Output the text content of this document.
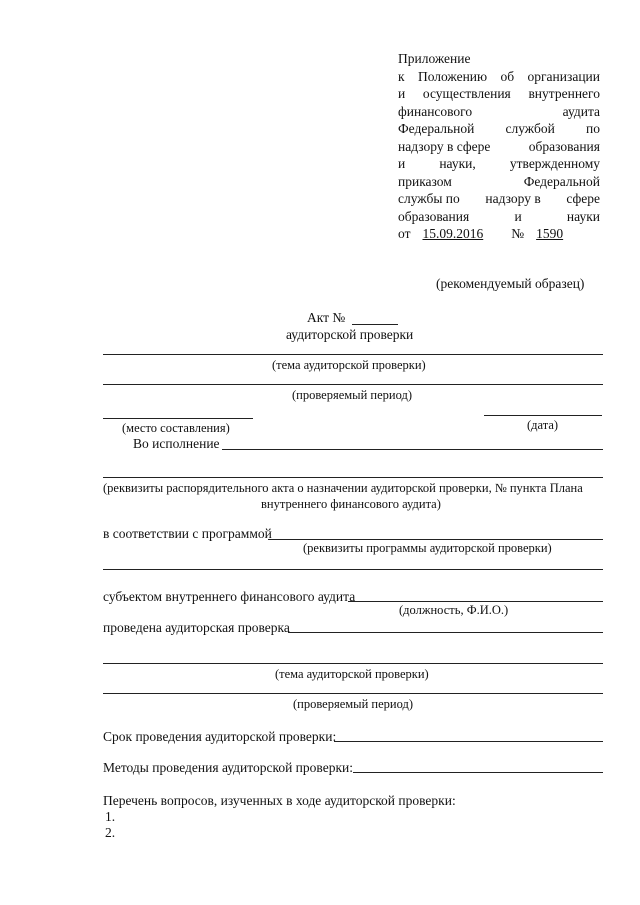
Приложение
к Положению об организации
и осуществления внутреннего
финансового	аудита
Федеральной службой по
надзору в сфере	образования
и	науки,	утвержденному
приказом	Федеральной
службы по надзору в сфере
образования	и	науки
от 15.09.2016	№ 1590
(рекомендуемый образец)
Акт №
аудиторской проверки
(тема аудиторской проверки)
(проверяемый период)
(место составления)	(дата)
Во исполнение
(реквизиты распорядительного акта о назначении аудиторской проверки, № пункта Плана
внутреннего финансового аудита)
в соответствии с программой
(реквизиты программы аудиторской проверки)
субъектом внутреннего финансового аудита
(должность, Ф.И.О.)
проведена аудиторская проверка
(тема аудиторской проверки)
(проверяемый период)
Срок проведения аудиторской проверки:
Методы проведения аудиторской проверки:
Перечень вопросов, изученных в ходе аудиторской проверки:
1.
2.
